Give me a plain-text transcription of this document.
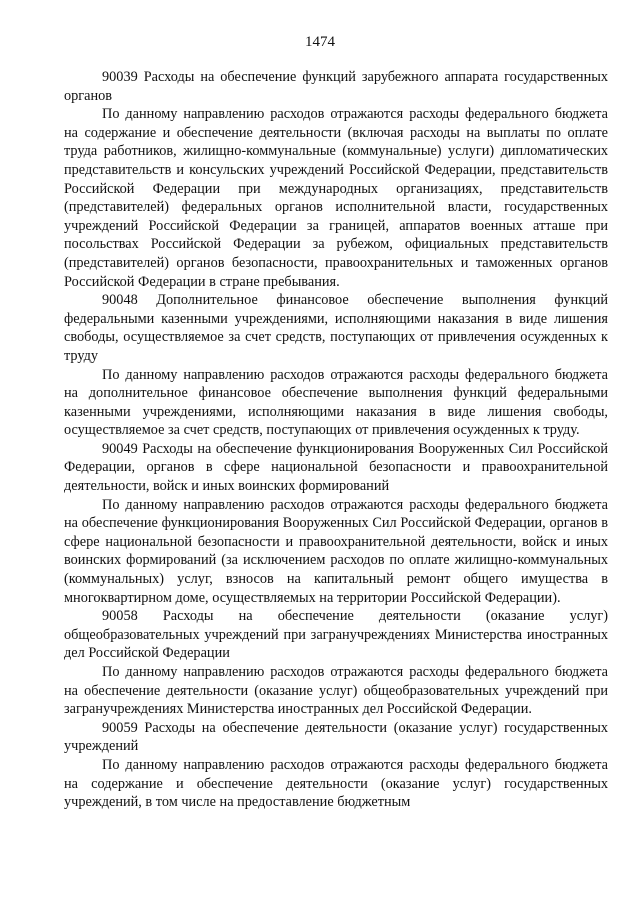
1474

90039 Расходы на обеспечение функций зарубежного аппарата государственных органов

По данному направлению расходов отражаются расходы федерального бюджета на содержание и обеспечение деятельности (включая расходы на выплаты по оплате труда работников, жилищно-коммунальные (коммунальные) услуги) дипломатических представительств и консульских учреждений Российской Федерации, представительств Российской Федерации при международных организациях, представительств (представителей) федеральных органов исполнительной власти, государственных учреждений Российской Федерации за границей, аппаратов военных атташе при посольствах Российской Федерации за рубежом, официальных представительств (представителей) органов безопасности, правоохранительных и таможенных органов Российской Федерации в стране пребывания.

90048 Дополнительное финансовое обеспечение выполнения функций федеральными казенными учреждениями, исполняющими наказания в виде лишения свободы, осуществляемое за счет средств, поступающих от привлечения осужденных к труду

По данному направлению расходов отражаются расходы федерального бюджета на дополнительное финансовое обеспечение выполнения функций федеральными казенными учреждениями, исполняющими наказания в виде лишения свободы, осуществляемое за счет средств, поступающих от привлечения осужденных к труду.

90049 Расходы на обеспечение функционирования Вооруженных Сил Российской Федерации, органов в сфере национальной безопасности и правоохранительной деятельности, войск и иных воинских формирований

По данному направлению расходов отражаются расходы федерального бюджета на обеспечение функционирования Вооруженных Сил Российской Федерации, органов в сфере национальной безопасности и правоохранительной деятельности, войск и иных воинских формирований (за исключением расходов по оплате жилищно-коммунальных (коммунальных) услуг, взносов на капитальный ремонт общего имущества в многоквартирном доме, осуществляемых на территории Российской Федерации).

90058 Расходы на обеспечение деятельности (оказание услуг) общеобразовательных учреждений при загранучреждениях Министерства иностранных дел Российской Федерации

По данному направлению расходов отражаются расходы федерального бюджета на обеспечение деятельности (оказание услуг) общеобразовательных учреждений при загранучреждениях Министерства иностранных дел Российской Федерации.

90059 Расходы на обеспечение деятельности (оказание услуг) государственных учреждений

По данному направлению расходов отражаются расходы федерального бюджета на содержание и обеспечение деятельности (оказание услуг) государственных учреждений, в том числе на предоставление бюджетным
